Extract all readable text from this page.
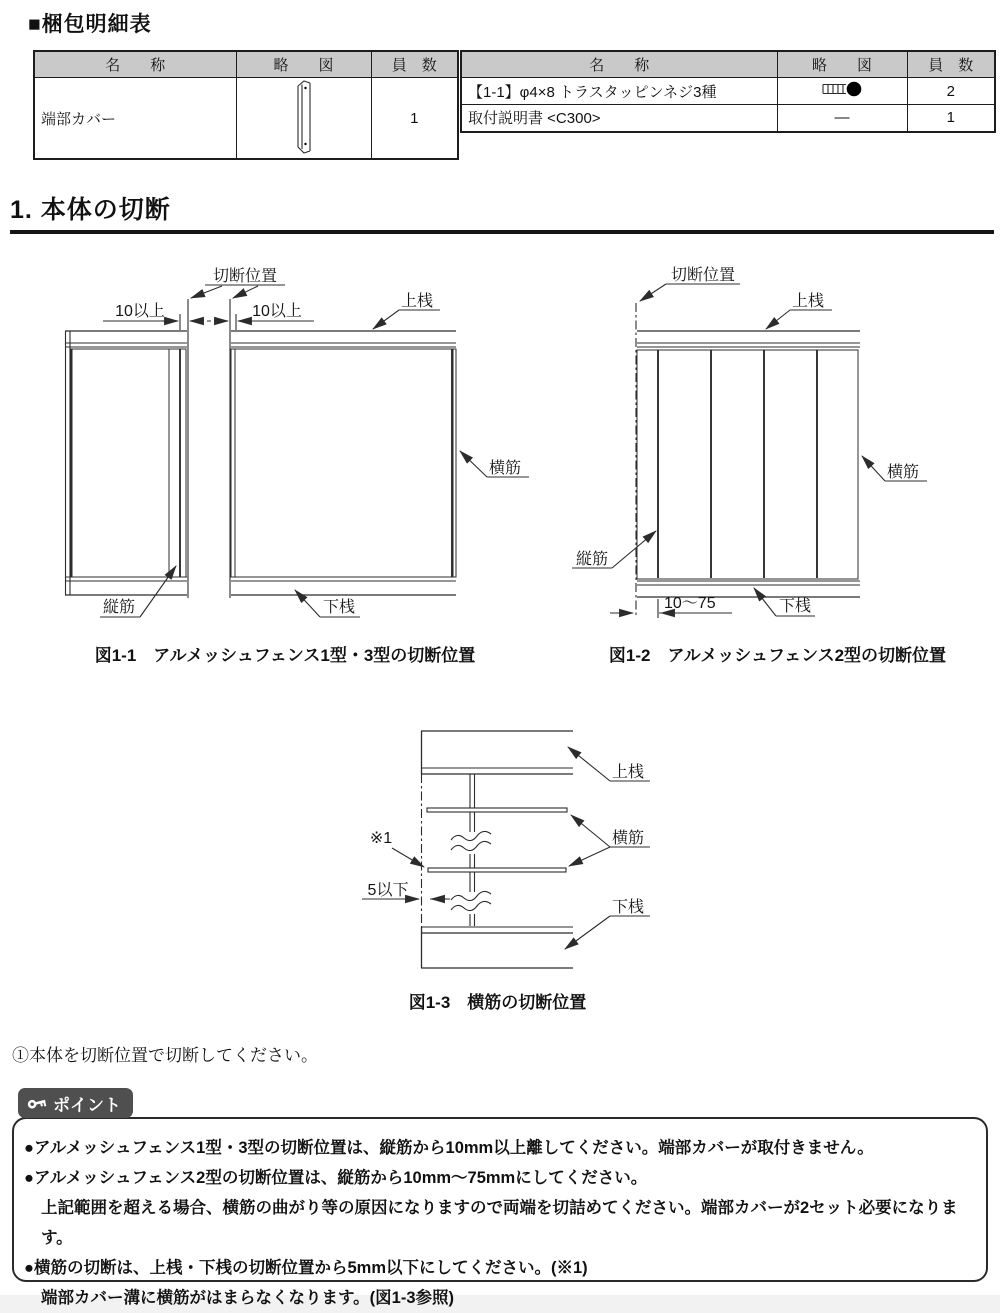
■梱包明細表
名　　称	略　　図	員　数
端部カバー		1
名　　称	略　　図	員　数
【1-1】φ4×8 トラスタッピンネジ3種		2
取付説明書 <C300>	—	1
1. 本体の切断
切断位置
10以上	10以上
上桟
横筋
縦筋	下桟
図1-1　アルメッシュフェンス1型・3型の切断位置
切断位置
上桟
横筋
縦筋
下桟
10〜75
図1-2　アルメッシュフェンス2型の切断位置
※1
5以下
上桟
横筋
下桟
図1-3　横筋の切断位置
①本体を切断位置で切断してください。
ポイント
●アルメッシュフェンス1型・3型の切断位置は、縦筋から10mm以上離してください。端部カバーが取付きません。
●アルメッシュフェンス2型の切断位置は、縦筋から10mm〜75mmにしてください。
上記範囲を超える場合、横筋の曲がり等の原因になりますので両端を切詰めてください。端部カバーが2セット必要になります。
●横筋の切断は、上桟・下桟の切断位置から5mm以下にしてください。(※1)
端部カバー溝に横筋がはまらなくなります。(図1-3参照)
